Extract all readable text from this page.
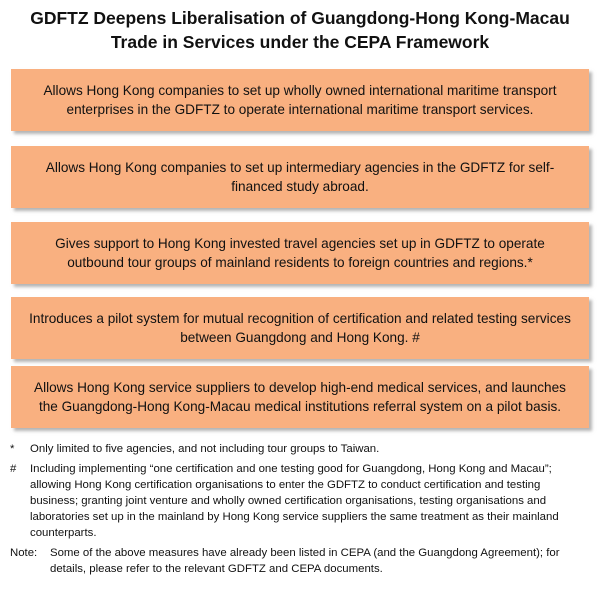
GDFTZ Deepens Liberalisation of Guangdong-Hong Kong-Macau
Trade in Services under the CEPA Framework
Allows Hong Kong companies to set up wholly owned international maritime transport enterprises in the GDFTZ to operate international maritime transport services.
Allows Hong Kong companies to set up intermediary agencies in the GDFTZ for self-financed study abroad.
Gives support to Hong Kong invested travel agencies set up in GDFTZ to operate outbound tour groups of mainland residents to foreign countries and regions.*
Introduces a pilot system for mutual recognition of certification and related testing services between Guangdong and Hong Kong. #
Allows Hong Kong service suppliers to develop high-end medical services, and launches the Guangdong-Hong Kong-Macau medical institutions referral system on a pilot basis.
*	Only limited to five agencies, and not including tour groups to Taiwan.
#	Including implementing “one certification and one testing good for Guangdong, Hong Kong and Macau”; allowing Hong Kong certification organisations to enter the GDFTZ to conduct certification and testing business; granting joint venture and wholly owned certification organisations, testing organisations and laboratories set up in the mainland by Hong Kong service suppliers the same treatment as their mainland counterparts.
Note:	Some of the above measures have already been listed in CEPA (and the Guangdong Agreement); for details, please refer to the relevant GDFTZ and CEPA documents.
